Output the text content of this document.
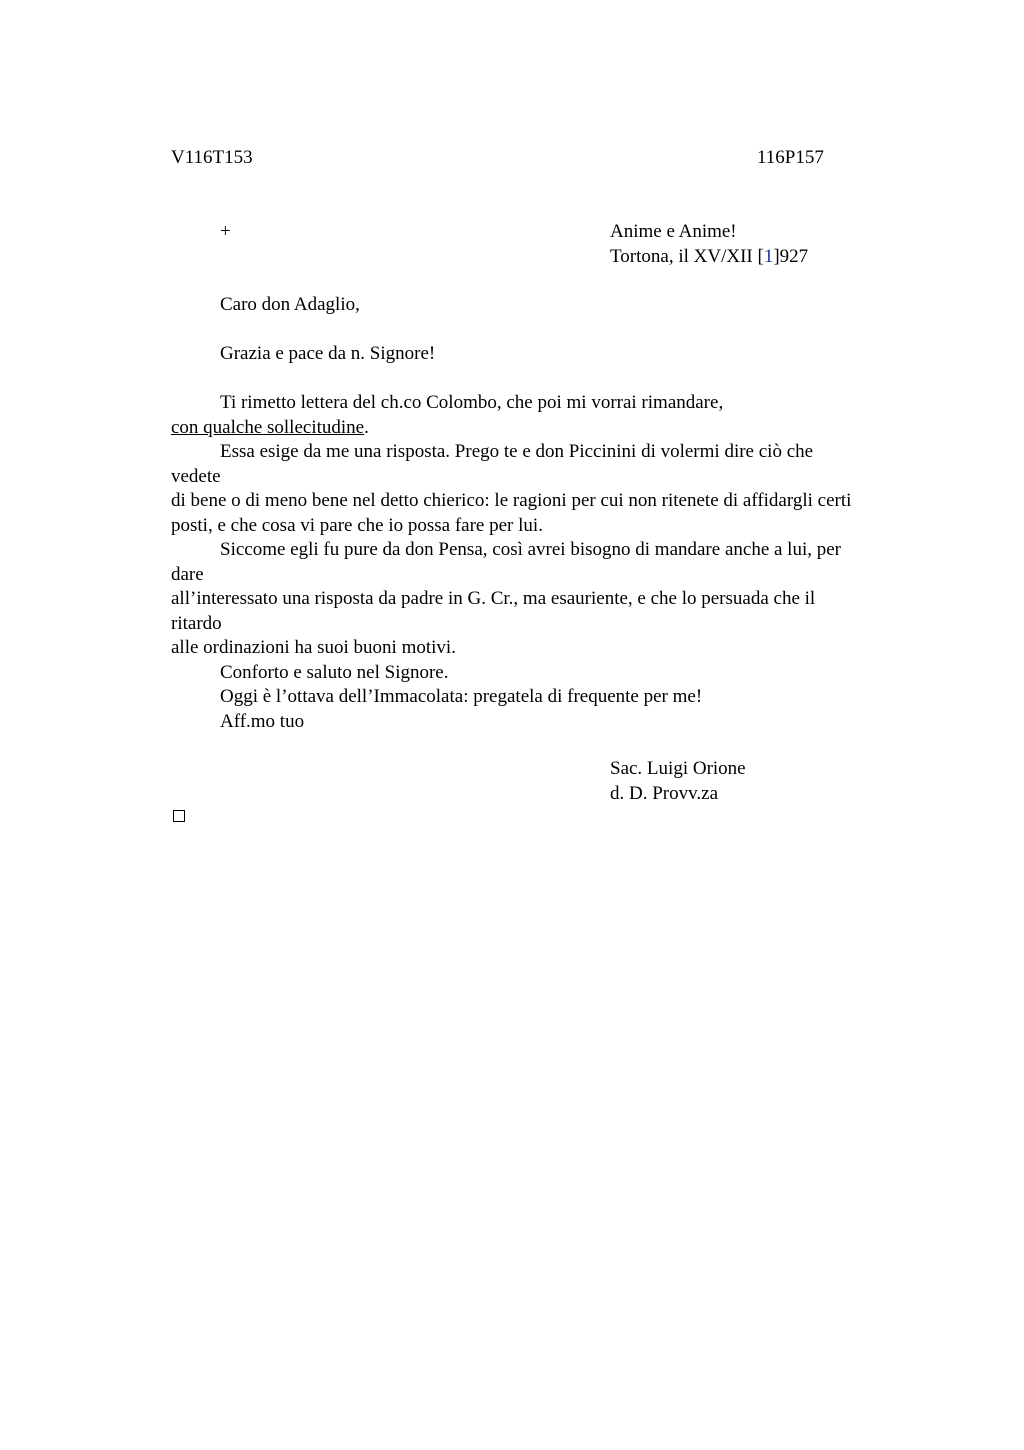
V116T153	116P157
+	Anime e Anime!
Tortona, il XV/XII [1]927
Caro don Adaglio,
Grazia e pace da n. Signore!
Ti rimetto lettera del ch.co Colombo, che poi mi vorrai rimandare,
con qualche sollecitudine.
Essa esige da me una risposta. Prego te e don Piccinini di volermi dire ciò che
vedete
di bene o di meno bene nel detto chierico: le ragioni per cui non ritenete di affidargli certi
posti, e che cosa vi pare che io possa fare per lui.
Siccome egli fu pure da don Pensa, così avrei bisogno di mandare anche a lui, per
dare
all’interessato una risposta da padre in G. Cr., ma esauriente, e che lo persuada che il
ritardo
alle ordinazioni ha suoi buoni motivi.
Conforto e saluto nel Signore.
Oggi è l’ottava dell’Immacolata: pregatela di frequente per me!
Aff.mo tuo
Sac. Luigi Orione
d. D. Provv.za
